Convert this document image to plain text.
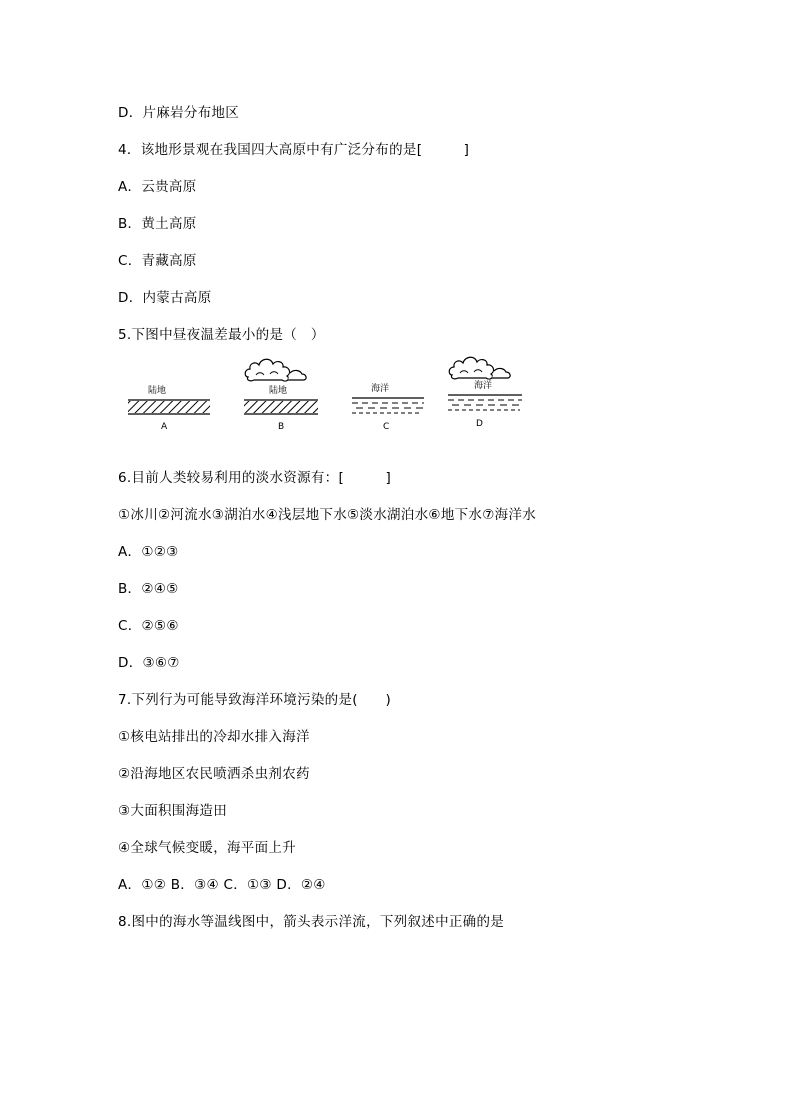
D．片麻岩分布地区
4．该地形景观在我国四大高原中有广泛分布的是[　　　]
A．云贵高原
B．黄土高原
C．青藏高原
D．内蒙古高原
5.下图中昼夜温差最小的是（　）
陆地
A
陆地
B
海洋
C
海洋
D
6.目前人类较易利用的淡水资源有：[　　　]
①冰川②河流水③湖泊水④浅层地下水⑤淡水湖泊水⑥地下水⑦海洋水
A．①②③
B．②④⑤
C．②⑤⑥
D．③⑥⑦
7.下列行为可能导致海洋环境污染的是(　　)
①核电站排出的冷却水排入海洋
②沿海地区农民喷洒杀虫剂农药
③大面积围海造田
④全球气候变暖，海平面上升
A．①② B．③④ C．①③ D．②④
8.图中的海水等温线图中，箭头表示洋流，下列叙述中正确的是
